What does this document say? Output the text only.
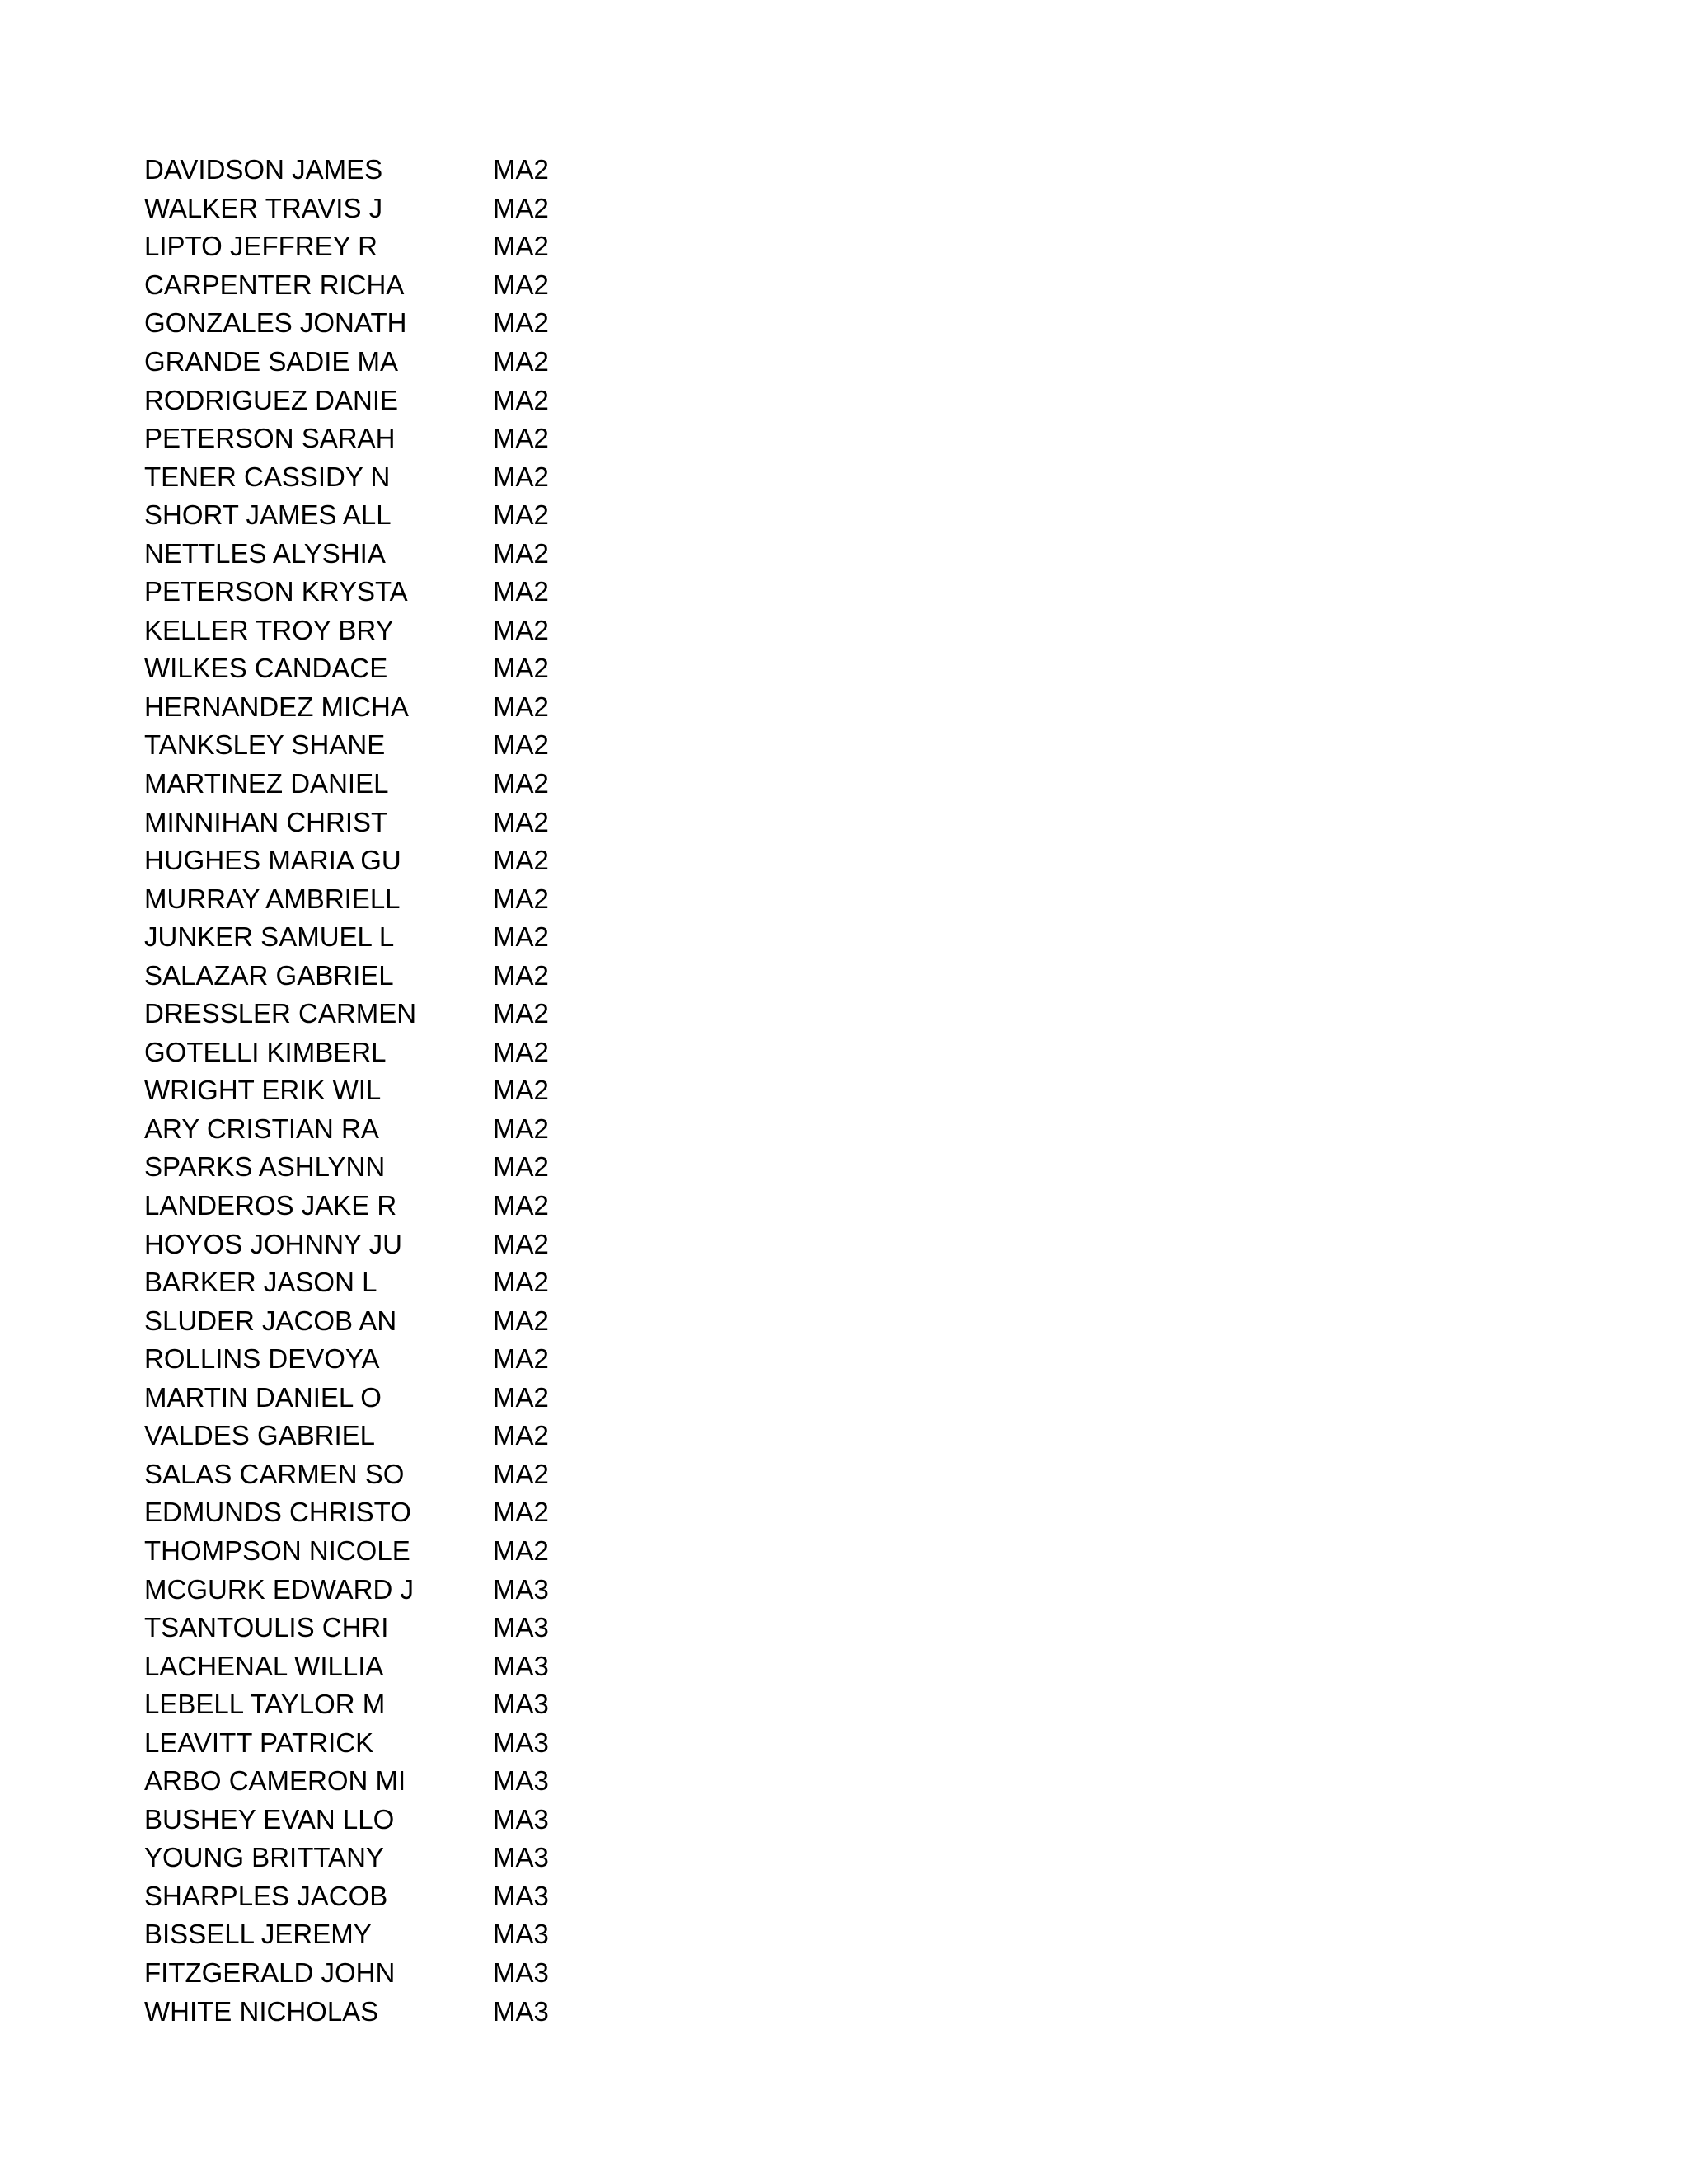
DAVIDSON JAMES	MA2
WALKER TRAVIS J	MA2
LIPTO JEFFREY R	MA2
CARPENTER RICHA	MA2
GONZALES JONATH	MA2
GRANDE SADIE MA	MA2
RODRIGUEZ DANIE	MA2
PETERSON SARAH	MA2
TENER CASSIDY N	MA2
SHORT JAMES ALL	MA2
NETTLES ALYSHIA	MA2
PETERSON KRYSTA	MA2
KELLER TROY BRY	MA2
WILKES CANDACE	MA2
HERNANDEZ MICHA	MA2
TANKSLEY SHANE	MA2
MARTINEZ DANIEL	MA2
MINNIHAN CHRIST	MA2
HUGHES MARIA GU	MA2
MURRAY AMBRIELL	MA2
JUNKER SAMUEL L	MA2
SALAZAR GABRIEL	MA2
DRESSLER CARMEN	MA2
GOTELLI KIMBERL	MA2
WRIGHT ERIK WIL	MA2
ARY CRISTIAN RA	MA2
SPARKS ASHLYNN	MA2
LANDEROS JAKE R	MA2
HOYOS JOHNNY JU	MA2
BARKER JASON L	MA2
SLUDER JACOB AN	MA2
ROLLINS DEVOYA	MA2
MARTIN DANIEL O	MA2
VALDES GABRIEL	MA2
SALAS CARMEN SO	MA2
EDMUNDS CHRISTO	MA2
THOMPSON NICOLE	MA2
MCGURK EDWARD J	MA3
TSANTOULIS CHRI	MA3
LACHENAL WILLIA	MA3
LEBELL TAYLOR M	MA3
LEAVITT PATRICK	MA3
ARBO CAMERON MI	MA3
BUSHEY EVAN LLO	MA3
YOUNG BRITTANY	MA3
SHARPLES JACOB	MA3
BISSELL JEREMY	MA3
FITZGERALD JOHN	MA3
WHITE NICHOLAS	MA3
